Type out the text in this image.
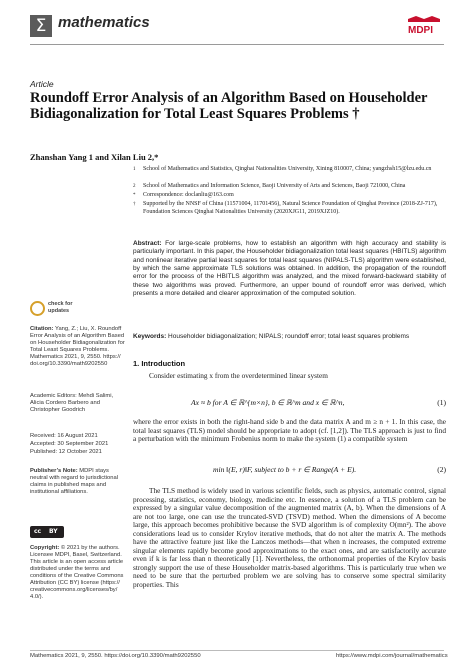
Σ mathematics	MDPI
Article
Roundoff Error Analysis of an Algorithm Based on Householder Bidiagonalization for Total Least Squares Problems †
Zhanshan Yang 1 and Xilan Liu 2,*
1 School of Mathematics and Statistics, Qinghai Nationalities University, Xining 810007, China; yangzhsh15@lzu.edu.cn
2 School of Mathematics and Information Science, Baoji University of Arts and Sciences, Baoji 721000, China
* Correspondence: doclanliu@163.com
† Supported by the NNSF of China (11571004, 11701456), Natural Science Foundation of Qinghai Province (2018-ZJ-717), Foundation Sciences Qinghai Nationalities University (2020XJG11, 2019XJZ10).
Abstract: For large-scale problems, how to establish an algorithm with high accuracy and stability is particularly important. In this paper, the Householder bidiagonalization total least squares (HBITLS) algorithm and nonlinear iterative partial least squares for total least squares (NIPALS-TLS) algorithm were established, by which the same approximate TLS solutions was obtained. In addition, the propagation of the roundoff error for the process of the HBITLS algorithm was analyzed, and the mixed forward-backward stability of these two algorithms was proved. Furthermore, an upper bound of roundoff error was derived, which presents a more detailed and clearer approximation of the computed solution.
Keywords: Householder bidiagonalization; NIPALS; roundoff error; total least squares problems
check for
updates
Citation: Yang, Z.; Liu, X. Roundoff Error Analysis of an Algorithm Based on Householder Bidiagonalization for Total Least Squares Problems. Mathematics 2021, 9, 2550. https:// doi.org/10.3390/math9202550
Academic Editors: Mehdi Salimi, Alicia Cordero Barbero and Christopher Goodrich
Received: 16 August 2021
Accepted: 30 September 2021
Published: 12 October 2021
Publisher’s Note: MDPI stays neutral with regard to jurisdictional claims in published maps and institutional affiliations.
cc BY
Copyright: © 2021 by the authors. Licensee MDPI, Basel, Switzerland. This article is an open access article distributed under the terms and conditions of the Creative Commons Attribution (CC BY) license (https:// creativecommons.org/licenses/by/ 4.0/).
1. Introduction
Consider estimating x from the overdetermined linear system
Ax ≈ b for A ∈ ℝ^{m×n}, b ∈ ℝ^m and x ∈ ℝ^n,	(1)
where the error exists in both the right-hand side b and the data matrix A and m ≥ n + 1. In this case, the total least squares (TLS) model should be appropriate to adopt (cf. [1,2]). The TLS approach is just to find a perturbation with the minimum Frobenius norm to make the system (1) a compatible system
min ‖(E, r)‖F, subject to b + r ∈ Range(A + E).	(2)
The TLS method is widely used in various scientific fields, such as physics, automatic control, signal processing, statistics, economy, biology, medicine etc. In essence, a solution of a TLS problem can be expressed by a singular value decomposition of the augmented matrix (A, b). When the dimensions of A are not too large, one can use the truncated-SVD (TSVD) method. When the dimensions of A become large, this approach becomes prohibitive because the SVD algorithm is of complexity O(mn²). The above considerations lead us to consider Krylov iterative methods, that do not alter the matrix A. The methods have the attractive feature just like the Lanczos methods—that when n increases, the computed extreme singular elements rapidly become good approximations to the exact ones, and are satisfactorily accurate even if k is far less than n theoretically [1]. Nevertheless, the orthonormal properties of the Krylov basis strongly support the use of these Householder matrix-based algorithms. This is particularly true when we need to be sure that the perturbed problem we are solving has to conserve some spectral similarity properties. This
Mathematics 2021, 9, 2550. https://doi.org/10.3390/math9202550	https://www.mdpi.com/journal/mathematics
